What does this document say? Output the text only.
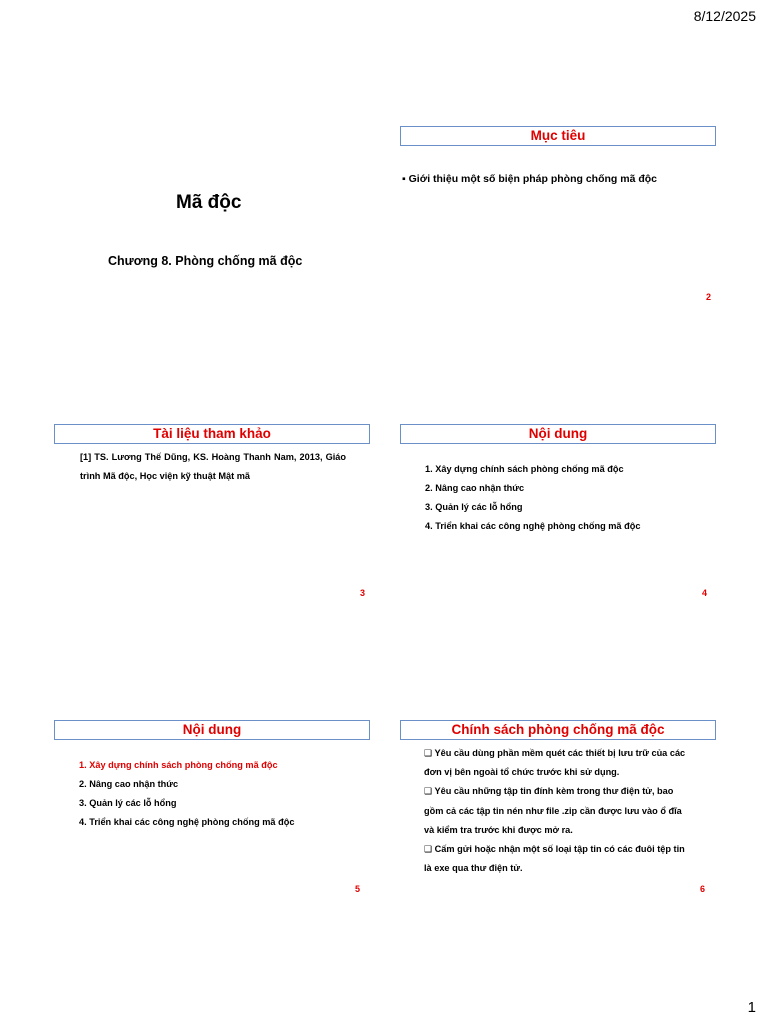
8/12/2025
Mã độc
Chương 8. Phòng chống mã độc
Mục tiêu
▪ Giới thiệu một số biện pháp phòng chống mã độc
2
Tài liệu tham khảo
[1] TS. Lương Thế Dũng, KS. Hoàng Thanh Nam, 2013, Giáo trình Mã độc, Học viện kỹ thuật Mật mã
3
Nội dung
1. Xây dựng chính sách phòng chống mã độc
2. Nâng cao nhận thức
3. Quản lý các lỗ hổng
4. Triển khai các công nghệ phòng chống mã độc
4
Nội dung
1. Xây dựng chính sách phòng chống mã độc
2. Nâng cao nhận thức
3. Quản lý các lỗ hổng
4. Triển khai các công nghệ phòng chống mã độc
5
Chính sách phòng chống mã độc
❑ Yêu cầu dùng phần mềm quét các thiết bị lưu trữ của các đơn vị bên ngoài tổ chức trước khi sử dụng.
❑ Yêu cầu những tập tin đính kèm trong thư điện tử, bao gồm cả các tập tin nén như file .zip cần được lưu vào ổ đĩa và kiểm tra trước khi được mở ra.
❑ Cấm gửi hoặc nhận một số loại tập tin có các đuôi tệp tin là exe qua thư điện tử.
6
1
